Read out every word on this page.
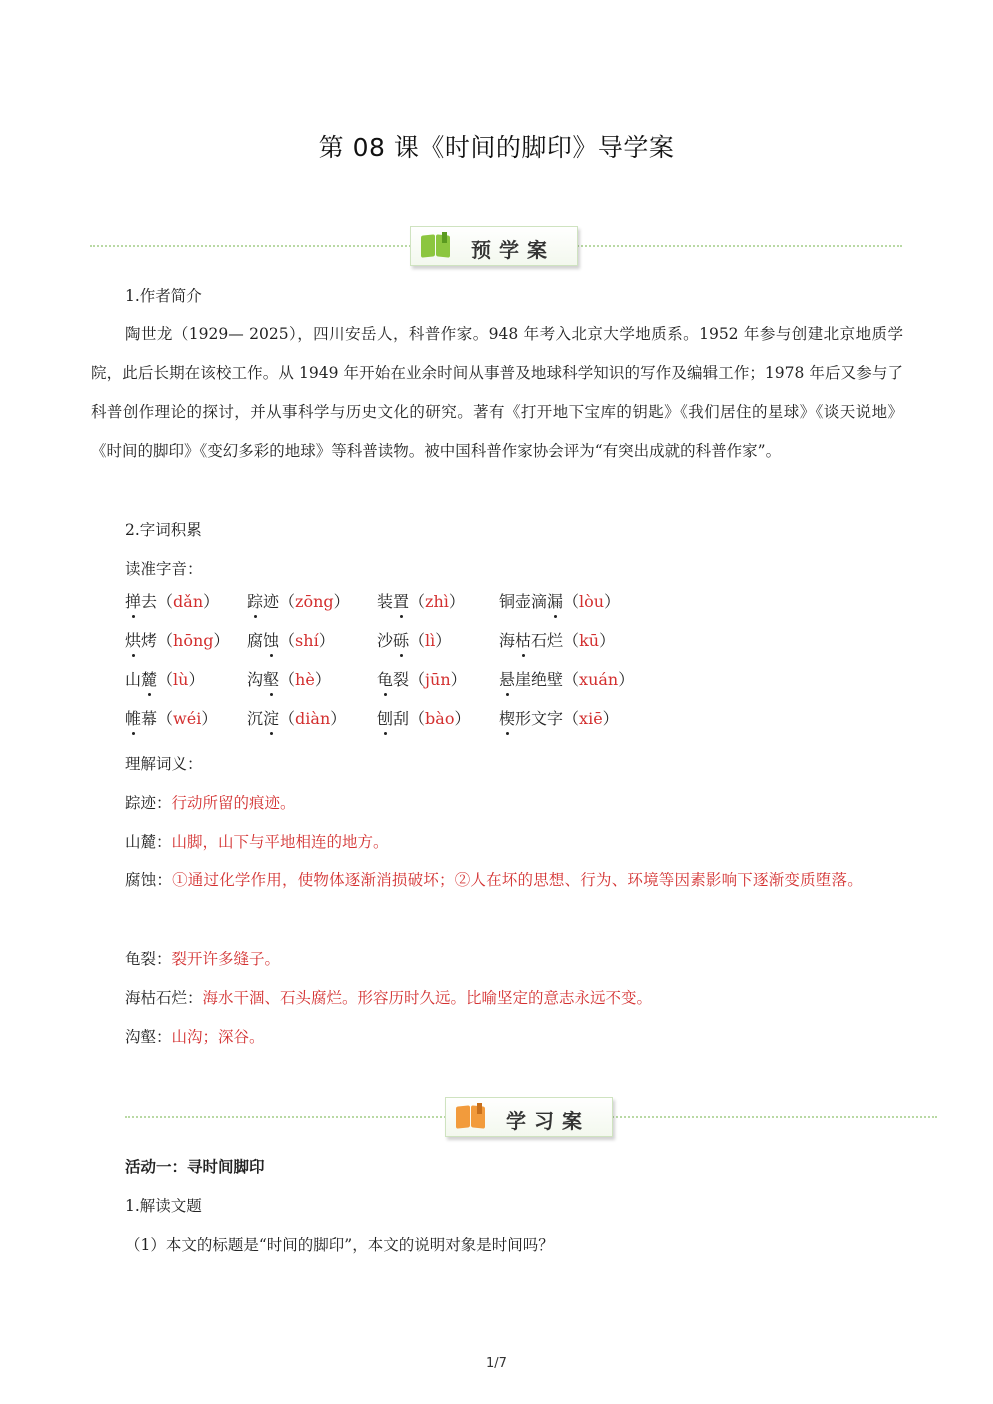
第 08 课《时间的脚印》导学案
预学案
1.作者简介
陶世龙（1929— 2025），四川安岳人，科普作家。948 年考入北京大学地质系。1952 年参与创建北京地质学院，此后长期在该校工作。从 1949 年开始在业余时间从事普及地球科学知识的写作及编辑工作；1978 年后又参与了科普创作理论的探讨，并从事科学与历史文化的研究。著有《打开地下宝库的钥匙》《我们居住的星球》《谈天说地》《时间的脚印》《变幻多彩的地球》等科普读物。被中国科普作家协会评为“有突出成就的科普作家”。
2.字词积累
读准字音：
掸去（dǎn） 踪迹（zōng） 装置（zhì） 铜壶滴漏（lòu）
烘烤（hōng） 腐蚀（shí）	沙砾（lì）	海枯石烂（kū）
山麓（lù）	沟壑（hè）	龟裂（jūn） 悬崖绝壁（xuán）
帷幕（wéi） 沉淀（diàn） 刨刮（bào） 楔形文字（xiē）
理解词义：
踪迹：行动所留的痕迹。
山麓：山脚，山下与平地相连的地方。
腐蚀：①通过化学作用，使物体逐渐消损破坏；②人在坏的思想、行为、环境等因素影响下逐渐变质堕落。
龟裂：裂开许多缝子。
海枯石烂：海水干涸、石头腐烂。形容历时久远。比喻坚定的意志永远不变。
沟壑：山沟；深谷。
学习案
活动一：寻时间脚印
1.解读文题
（1）本文的标题是“时间的脚印”，本文的说明对象是时间吗？
1/7
